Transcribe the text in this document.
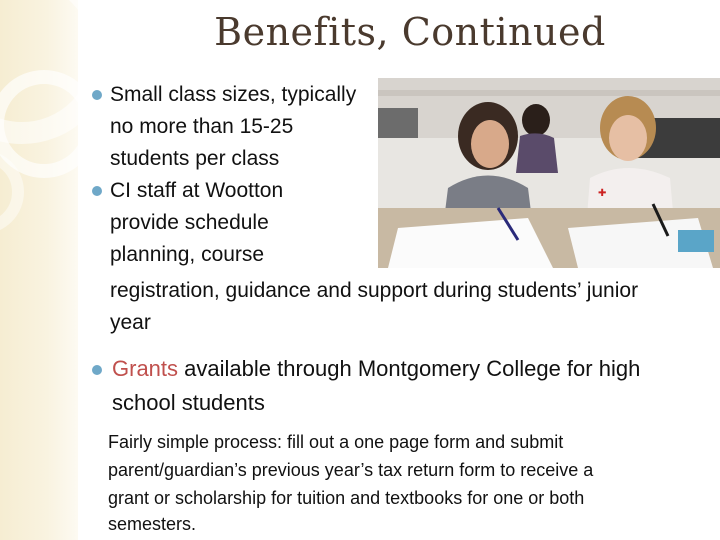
Benefits, Continued
✚
Small class sizes, typically
no more than 15-25
students per class
CI staff at Wootton
provide schedule
planning, course
registration, guidance and support during students’ junior
year
Grants available through Montgomery College for high
school students
Fairly simple process: fill out a one page form and submit
parent/guardian’s previous year’s tax return form to receive a
grant or scholarship for tuition and textbooks for one or both
semesters.
